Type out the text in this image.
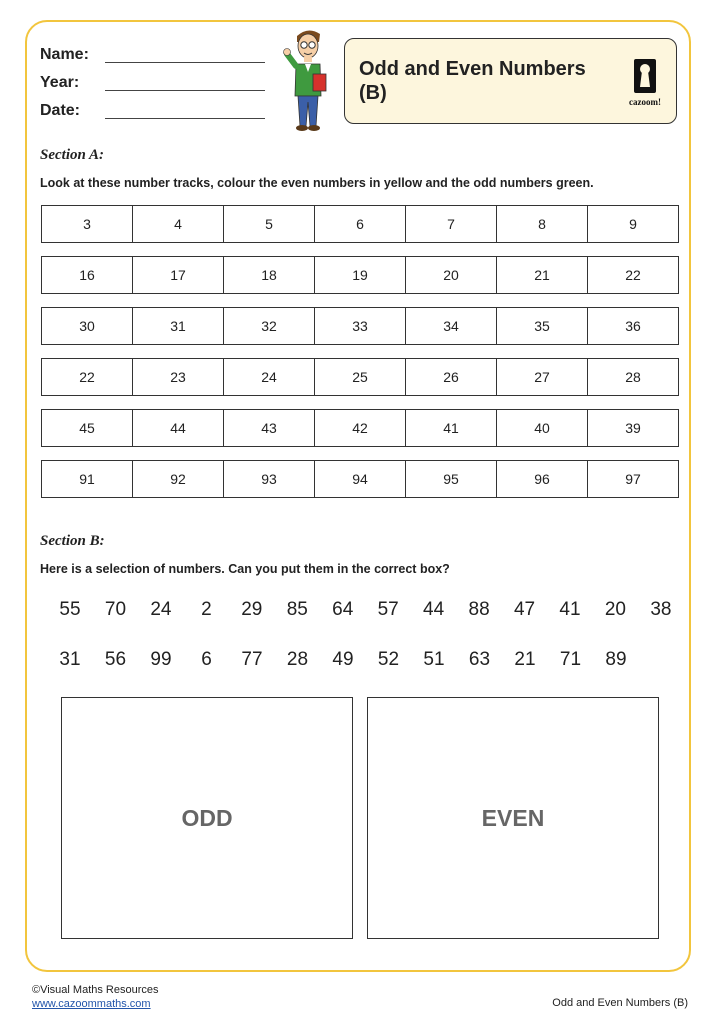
Name:
Year:
Date:
Odd and Even Numbers (B)	cazoom!
Section A:
Look at these number tracks, colour the even numbers in yellow and the odd numbers green.
3	4	5	6	7	8	9
16	17	18	19	20	21	22
30	31	32	33	34	35	36
22	23	24	25	26	27	28
45	44	43	42	41	40	39
91	92	93	94	95	96	97
Section B:
Here is a selection of numbers. Can you put them in the correct box?
55	70	24	2	29	85	64	57	44	88	47	41	20	38
31	56	99	6	77	28	49	52	51	63	21	71	89
ODD	EVEN
©Visual Maths Resources
www.cazoommaths.com	Odd and Even Numbers (B)
